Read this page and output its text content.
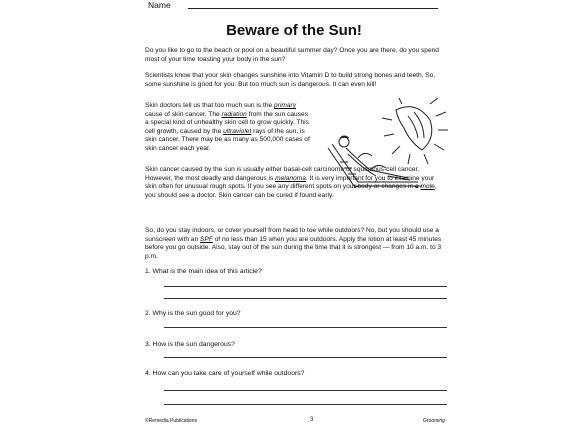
Name
Beware of the Sun!

Do you like to go to the beach or pool on a beautiful summer day? Once you are there, do you spend most of your time toasting your body in the sun?

Scientists know that your skin changes sunshine into Vitamin D to build strong bones and teeth. So, some sunshine is good for you. But too much sun is dangerous. It can even kill!

Skin doctors tell us that too much sun is the primary cause of skin cancer. The radiation from the sun causes a special kind of unhealthy skin cell to grow quickly. This cell growth, caused by the ultraviolet rays of the sun, is skin cancer. There may be as many as 500,000 cases of skin cancer each year.

Skin cancer caused by the sun is usually either basal-cell carcinoma or squamous-cell cancer. However, the most deadly and dangerous is melanoma. It is very important for you to examine your skin often for unusual rough spots. If you see any different spots on your body or changes in a mole, you should see a doctor. Skin cancer can be cured if found early.

So, do you stay indoors, or cover yourself from head to toe while outdoors? No, but you should use a sunscreen with an SPF of no less than 15 when you are outdoors. Apply the lotion at least 45 minutes before you go outside. Also, stay out of the sun during the time that it is strongest — from 10 a.m. to 3 p.m.

1. What is the main idea of this article?
2. Why is the sun good for you?
3. How is the sun dangerous?
4. How can you take care of yourself while outdoors?
©Remedia Publications	3	Grooming
